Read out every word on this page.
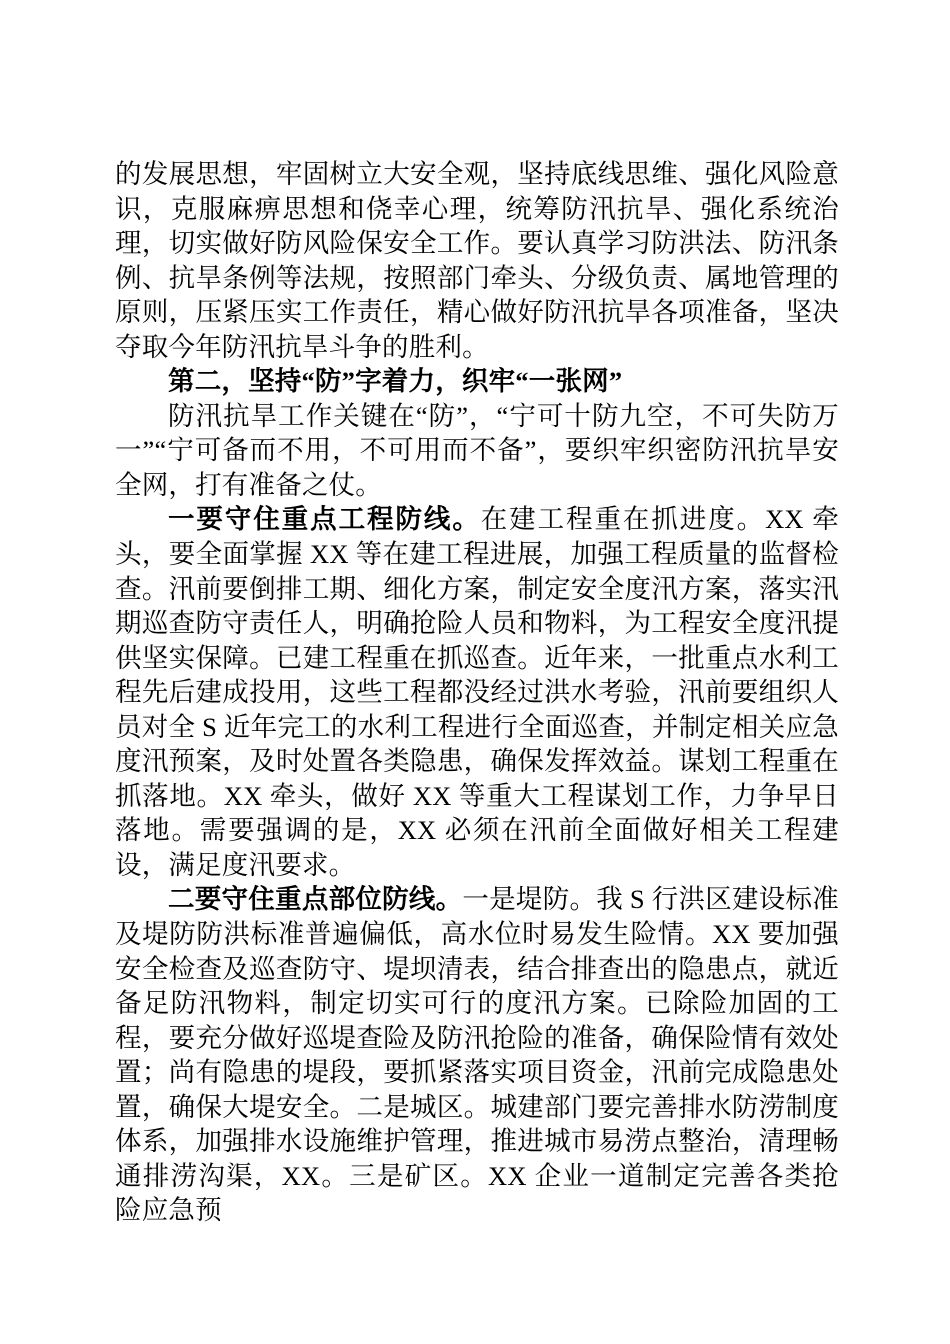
的发展思想，牢固树立大安全观，坚持底线思维、强化风险意识，克服麻痹思想和侥幸心理，统筹防汛抗旱、强化系统治理，切实做好防风险保安全工作。要认真学习防洪法、防汛条例、抗旱条例等法规，按照部门牵头、分级负责、属地管理的原则，压紧压实工作责任，精心做好防汛抗旱各项准备，坚决夺取今年防汛抗旱斗争的胜利。

第二，坚持“防”字着力，织牢“一张网”

防汛抗旱工作关键在“防”，“宁可十防九空，不可失防万一”“宁可备而不用，不可用而不备”，要织牢织密防汛抗旱安全网，打有准备之仗。

一要守住重点工程防线。在建工程重在抓进度。XX 牵头，要全面掌握 XX 等在建工程进展，加强工程质量的监督检查。汛前要倒排工期、细化方案，制定安全度汛方案，落实汛期巡查防守责任人，明确抢险人员和物料，为工程安全度汛提供坚实保障。已建工程重在抓巡查。近年来，一批重点水利工程先后建成投用，这些工程都没经过洪水考验，汛前要组织人员对全 S 近年完工的水利工程进行全面巡查，并制定相关应急度汛预案，及时处置各类隐患，确保发挥效益。谋划工程重在抓落地。XX 牵头，做好 XX 等重大工程谋划工作，力争早日落地。需要强调的是，XX 必须在汛前全面做好相关工程建设，满足度汛要求。

二要守住重点部位防线。一是堤防。我 S 行洪区建设标准及堤防防洪标准普遍偏低，高水位时易发生险情。XX 要加强安全检查及巡查防守、堤坝清表，结合排查出的隐患点，就近备足防汛物料，制定切实可行的度汛方案。已除险加固的工程，要充分做好巡堤查险及防汛抢险的准备，确保险情有效处置；尚有隐患的堤段，要抓紧落实项目资金，汛前完成隐患处置，确保大堤安全。二是城区。城建部门要完善排水防涝制度体系，加强排水设施维护管理，推进城市易涝点整治，清理畅通排涝沟渠，XX。三是矿区。XX 企业一道制定完善各类抢险应急预
